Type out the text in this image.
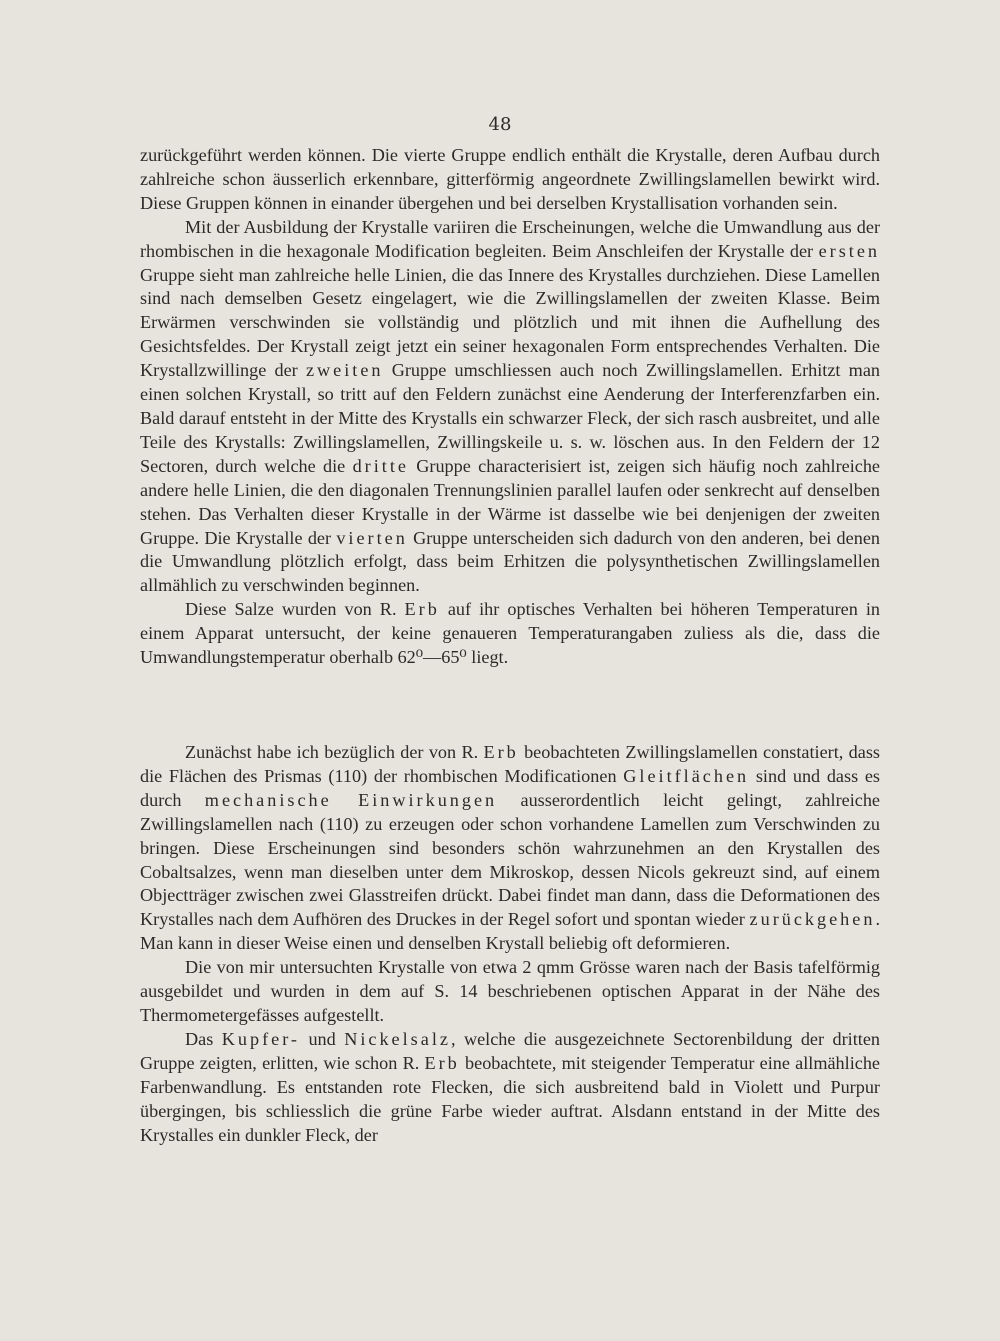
48

zurückgeführt werden können. Die vierte Gruppe endlich enthält die Krystalle, deren Aufbau durch zahlreiche schon äusserlich erkennbare, gitterförmig angeordnete Zwillingslamellen bewirkt wird. Diese Gruppen können in einander übergehen und bei derselben Krystallisation vorhanden sein.

Mit der Ausbildung der Krystalle variiren die Erscheinungen, welche die Umwandlung aus der rhombischen in die hexagonale Modification begleiten. Beim Anschleifen der Krystalle der ersten Gruppe sieht man zahlreiche helle Linien, die das Innere des Krystalles durchziehen. Diese Lamellen sind nach demselben Gesetz eingelagert, wie die Zwillingslamellen der zweiten Klasse. Beim Erwärmen verschwinden sie vollständig und plötzlich und mit ihnen die Aufhellung des Gesichtsfeldes. Der Krystall zeigt jetzt ein seiner hexagonalen Form entsprechendes Verhalten. Die Krystallzwillinge der zweiten Gruppe umschliessen auch noch Zwillingslamellen. Erhitzt man einen solchen Krystall, so tritt auf den Feldern zunächst eine Aenderung der Interferenzfarben ein. Bald darauf entsteht in der Mitte des Krystalls ein schwarzer Fleck, der sich rasch ausbreitet, und alle Teile des Krystalls: Zwillingslamellen, Zwillingskeile u. s. w. löschen aus. In den Feldern der 12 Sectoren, durch welche die dritte Gruppe characterisiert ist, zeigen sich häufig noch zahlreiche andere helle Linien, die den diagonalen Trennungslinien parallel laufen oder senkrecht auf denselben stehen. Das Verhalten dieser Krystalle in der Wärme ist dasselbe wie bei denjenigen der zweiten Gruppe. Die Krystalle der vierten Gruppe unterscheiden sich dadurch von den anderen, bei denen die Umwandlung plötzlich erfolgt, dass beim Erhitzen die polysynthetischen Zwillingslamellen allmählich zu verschwinden beginnen.

Diese Salze wurden von R. Erb auf ihr optisches Verhalten bei höheren Temperaturen in einem Apparat untersucht, der keine genaueren Temperaturangaben zuliess als die, dass die Umwandlungstemperatur oberhalb 62⁰—65⁰ liegt.

Zunächst habe ich bezüglich der von R. Erb beobachteten Zwillingslamellen constatiert, dass die Flächen des Prismas (110) der rhombischen Modificationen Gleitflächen sind und dass es durch mechanische Einwirkungen ausserordentlich leicht gelingt, zahlreiche Zwillingslamellen nach (110) zu erzeugen oder schon vorhandene Lamellen zum Verschwinden zu bringen. Diese Erscheinungen sind besonders schön wahrzunehmen an den Krystallen des Cobaltsalzes, wenn man dieselben unter dem Mikroskop, dessen Nicols gekreuzt sind, auf einem Objectträger zwischen zwei Glasstreifen drückt. Dabei findet man dann, dass die Deformationen des Krystalles nach dem Aufhören des Druckes in der Regel sofort und spontan wieder zurückgehen. Man kann in dieser Weise einen und denselben Krystall beliebig oft deformieren.

Die von mir untersuchten Krystalle von etwa 2 qmm Grösse waren nach der Basis tafelförmig ausgebildet und wurden in dem auf S. 14 beschriebenen optischen Apparat in der Nähe des Thermometergefässes aufgestellt.

Das Kupfer- und Nickelsalz, welche die ausgezeichnete Sectorenbildung der dritten Gruppe zeigten, erlitten, wie schon R. Erb beobachtete, mit steigender Temperatur eine allmähliche Farbenwandlung. Es entstanden rote Flecken, die sich ausbreitend bald in Violett und Purpur übergingen, bis schliesslich die grüne Farbe wieder auftrat. Alsdann entstand in der Mitte des Krystalles ein dunkler Fleck, der
